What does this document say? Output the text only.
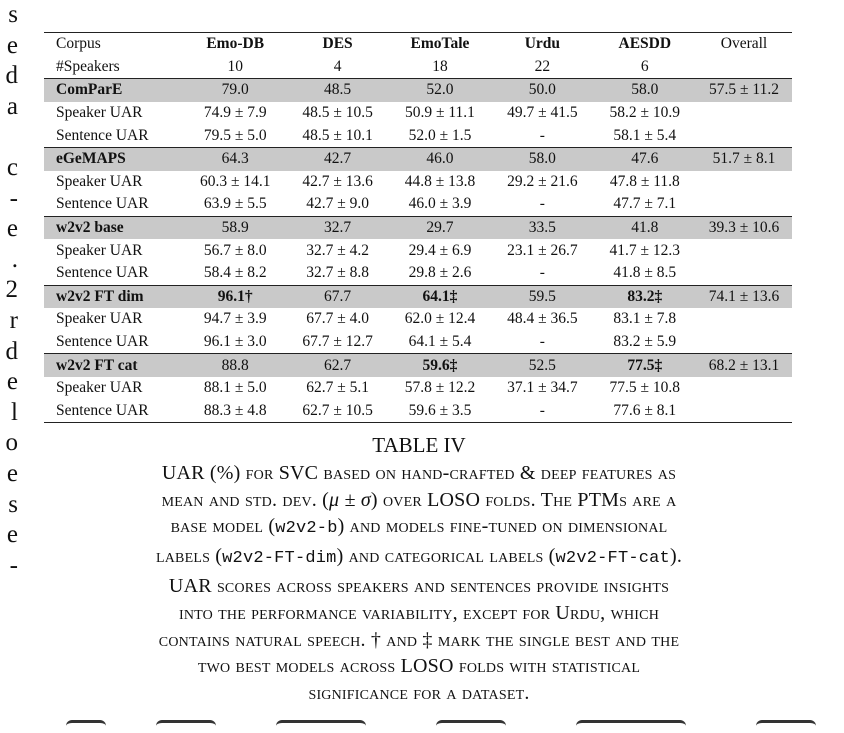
s
e
d
a
c
-
e
.
2
r
d
e
l
o
e
s
e
-
Corpus	Emo-DB	DES	EmoTale	Urdu	AESDD	Overall
#Speakers	10	4	18	22	6	
ComParE	79.0	48.5	52.0	50.0	58.0	57.5 ± 11.2
Speaker UAR	74.9 ± 7.9	48.5 ± 10.5	50.9 ± 11.1	49.7 ± 41.5	58.2 ± 10.9	
Sentence UAR	79.5 ± 5.0	48.5 ± 10.1	52.0 ± 1.5	-	58.1 ± 5.4	
eGeMAPS	64.3	42.7	46.0	58.0	47.6	51.7 ± 8.1
Speaker UAR	60.3 ± 14.1	42.7 ± 13.6	44.8 ± 13.8	29.2 ± 21.6	47.8 ± 11.8	
Sentence UAR	63.9 ± 5.5	42.7 ± 9.0	46.0 ± 3.9	-	47.7 ± 7.1	
w2v2 base	58.9	32.7	29.7	33.5	41.8	39.3 ± 10.6
Speaker UAR	56.7 ± 8.0	32.7 ± 4.2	29.4 ± 6.9	23.1 ± 26.7	41.7 ± 12.3	
Sentence UAR	58.4 ± 8.2	32.7 ± 8.8	29.8 ± 2.6	-	41.8 ± 8.5	
w2v2 FT dim	96.1†	67.7	64.1‡	59.5	83.2‡	74.1 ± 13.6
Speaker UAR	94.7 ± 3.9	67.7 ± 4.0	62.0 ± 12.4	48.4 ± 36.5	83.1 ± 7.8	
Sentence UAR	96.1 ± 3.0	67.7 ± 12.7	64.1 ± 5.4	-	83.2 ± 5.9	
w2v2 FT cat	88.8	62.7	59.6‡	52.5	77.5‡	68.2 ± 13.1
Speaker UAR	88.1 ± 5.0	62.7 ± 5.1	57.8 ± 12.2	37.1 ± 34.7	77.5 ± 10.8	
Sentence UAR	88.3 ± 4.8	62.7 ± 10.5	59.6 ± 3.5	-	77.6 ± 8.1	
TABLE IV
UAR (%) for SVC based on hand-crafted & deep features as
mean and std. dev. (μ ± σ) over LOSO folds. The PTMs are a
base model (w2v2-b) and models fine-tuned on dimensional
labels (w2v2-FT-dim) and categorical labels (w2v2-FT-cat).
UAR scores across speakers and sentences provide insights
into the performance variability, except for Urdu, which
contains natural speech. † and ‡ mark the single best and the
two best models across LOSO folds with statistical
significance for a dataset.
